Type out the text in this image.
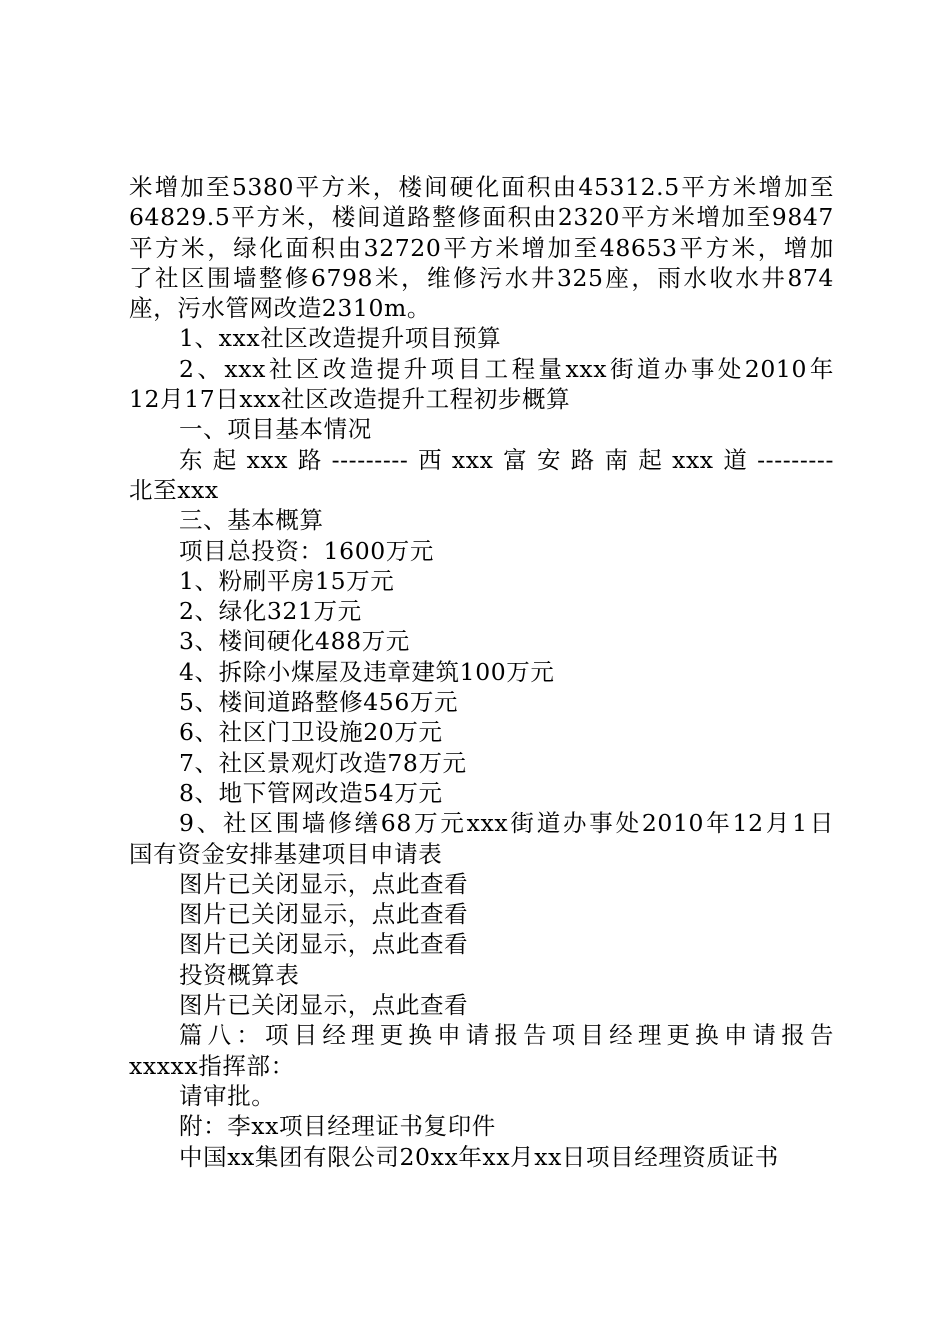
米增加至5380平方米，楼间硬化面积由45312.5平方米增加至
64829.5平方米，楼间道路整修面积由2320平方米增加至9847
平方米，绿化面积由32720平方米增加至48653平方米，增加
了社区围墙整修6798米，维修污水井325座，雨水收水井874
座，污水管网改造2310m。
1、xxx社区改造提升项目预算
2、xxx社区改造提升项目工程量xxx街道办事处2010年
12月17日xxx社区改造提升工程初步概算
一、项目基本情况
东起xxx路---------西xxx富安路南起xxx道---------
北至xxx
三、基本概算
项目总投资：1600万元
1、粉刷平房15万元
2、绿化321万元
3、楼间硬化488万元
4、拆除小煤屋及违章建筑100万元
5、楼间道路整修456万元
6、社区门卫设施20万元
7、社区景观灯改造78万元
8、地下管网改造54万元
9、社区围墙修缮68万元xxx街道办事处2010年12月1日
国有资金安排基建项目申请表
图片已关闭显示，点此查看
图片已关闭显示，点此查看
图片已关闭显示，点此查看
投资概算表
图片已关闭显示，点此查看
篇八：项目经理更换申请报告项目经理更换申请报告
xxxxx指挥部：
请审批。
附：李xx项目经理证书复印件
中国xx集团有限公司20xx年xx月xx日项目经理资质证书
